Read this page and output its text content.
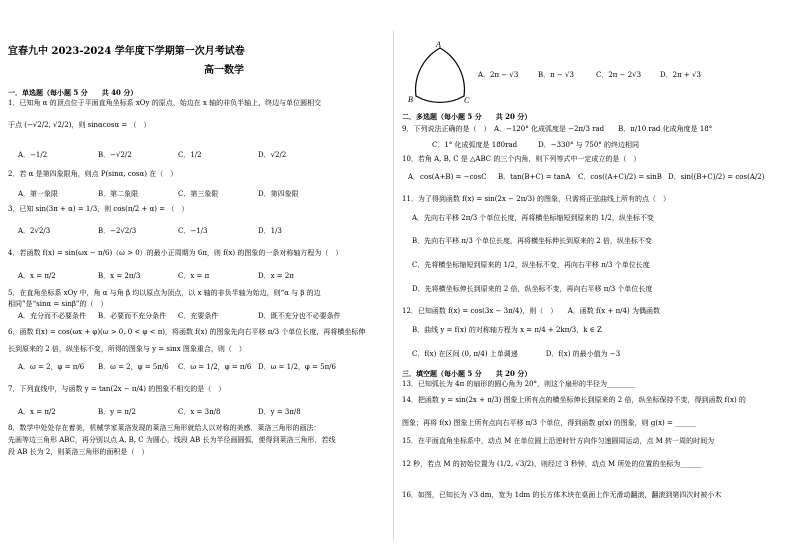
宜春九中 2023-2024 学年度下学期第一次月考试卷
高一数学
一．单选题（每小题 5 分　　共 40 分）
1．已知角 α 的顶点位于平面直角坐标系 xOy 的原点，始边在 x 轴的非负半轴上，终边与单位圆相交
于点 (−√2/2, √2/2)，则 sinαcosα = （　）
A．−1/2	B．−√2/2	C．1/2	D．√2/2
2．若 α 是第四象限角，则点 P(sinα, cosα) 在（　）
A．第一象限	B．第二象限	C．第三象限	D．第四象限
3．已知 sin(3π + α) = 1/3，则 cos(π/2 + α) = （　）
A．2√2/3	B．−2√2/3	C．−1/3	D．1/3
4．若函数 f(x) = sin(ωx − π/6)（ω > 0）的最小正周期为 6π，则 f(x) 的图象的一条对称轴方程为（　）
A．x = π/2	B．x = 2π/3	C．x = π	D．x = 2π
5．在直角坐标系 xOy 中，角 α 与角 β 均以原点为顶点，以 x 轴的非负半轴为始边，则“α 与 β 的边
相同”是“sinα = sinβ”的（　）
A．充分而不必要条件 B．必要而不充分条件 C．充要条件	D．既不充分也不必要条件
6．函数 f(x) = cos(ωx + φ)(ω > 0, 0 < φ < π)，将函数 f(x) 的图象先向右平移 π/3 个单位长度，再将横坐标伸
长到原来的 2 倍，纵坐标不变，所得的图象与 y = sinx 图象重合，则（　）
A．ω = 2，φ = π/6 B．ω = 2，φ = 5π/6 C．ω = 1/2，φ = π/6 D．ω = 1/2，φ = 5π/6
7．下列直线中，与函数 y = tan(2x − π/4) 的图象不相交的是（　）
A．x = π/2	B．y = π/2	C．x = 3π/8	D．y = 3π/8
8．数学中处处存在着美，机械学家莱洛发现的莱洛三角形就给人以对称的美感．莱洛三角形的画法：
先画等边三角形 ABC，再分别以点 A, B, C 为圆心，线段 AB 长为半径画圆弧，便得到莱洛三角形．若线
段 AB 长为 2，则莱洛三角形的面积是（　）
A
B	C
A．2π − √3	B．π − √3	C．2π − 2√3	D．2π + √3
二．多选题（每小题 5 分　　共 20 分）
9．下列说法正确的是（　）　A．−120° 化成弧度是 −2π/3 rad　　B．π/10 rad 化成角度是 18°
C．1° 化成弧度是 180rad　　　D．−330° 与 750° 的终边相同
10．若角 A, B, C 是 △ABC 的三个内角，则下列等式中一定成立的是（　）
A．cos(A+B) = −cosC B．tan(B+C) = tanA C．cos((A+C)/2) = sinB D．sin((B+C)/2) = cos(A/2)
11．为了得到函数 f(x) = sin(2x − 2π/3) 的图象，只需将正弦曲线上所有的点（　）
A．先向右平移 2π/3 个单位长度，再将横坐标缩短到原来的 1/2，纵坐标不变
B．先向右平移 π/3 个单位长度，再将横坐标伸长到原来的 2 倍，纵坐标不变
C．先将横坐标缩短到原来的 1/2，纵坐标不变，再向右平移 π/3 个单位长度
D．先将横坐标伸长到原来的 2 倍，纵坐标不变，再向右平移 π/3 个单位长度
12．已知函数 f(x) = cos(3x − 3π/4)，则（　）　　A．函数 f(x + π/4) 为偶函数
B．曲线 y = f(x) 的对称轴方程为 x = π/4 + 2kπ/3，k ∈ Z
C．f(x) 在区间 (0, π/4) 上单调递　　　　D．f(x) 的最小值为 −3
三．填空题（每小题 5 分　　共 20 分）
13．已知弧长为 4π 的扇形的圆心角为 20°，则这个扇形的半径为________
14．把函数 y = sin(2x + π/3) 图象上所有点的横坐标伸长到原来的 2 倍，纵坐标保持不变，得到函数 f(x) 的
图象；再将 f(x) 图象上所有点向右平移 π/3 个单位，得到函数 g(x) 的图象，则 g(x) = ______
15．在平面直角坐标系中，动点 M 在单位圆上沿逆时针方向作匀速圆周运动，点 M 转一周的时间为
12 秒，若点 M 的初始位置为 (1/2, √3/2)，则经过 3 秒钟，动点 M 所处的位置的坐标为______
16．如图，已知长为 √3 dm，宽为 1dm 的长方体木块在桌面上作无滑动翻滚，翻滚到第四次时被小木
